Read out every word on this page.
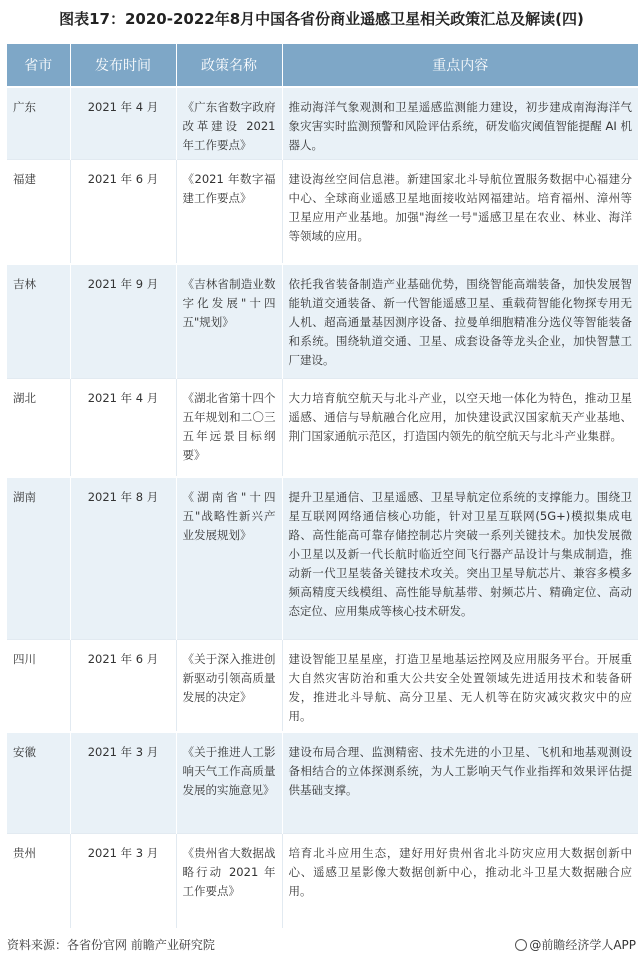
图表17：2020-2022年8月中国各省份商业遥感卫星相关政策汇总及解读(四)
省市	发布时间	政策名称	重点内容
广东	2021 年 4 月	《广东省数字政府改革建设 2021 年工作要点》	推动海洋气象观测和卫星遥感监测能力建设，初步建成南海海洋气象灾害实时监测预警和风险评估系统，研发临灾阈值智能提醒 AI 机器人。
福建	2021 年 6 月	《2021 年数字福建工作要点》	建设海丝空间信息港。新建国家北斗导航位置服务数据中心福建分中心、全球商业遥感卫星地面接收站网福建站。培育福州、漳州等卫星应用产业基地。加强"海丝一号"遥感卫星在农业、林业、海洋等领域的应用。
吉林	2021 年 9 月	《吉林省制造业数字化发展"十四五"规划》	依托我省装备制造产业基础优势，围绕智能高端装备，加快发展智能轨道交通装备、新一代智能遥感卫星、重载荷智能化物探专用无人机、超高通量基因测序设备、拉曼单细胞精准分选仪等智能装备和系统。围绕轨道交通、卫星、成套设备等龙头企业，加快智慧工厂建设。
湖北	2021 年 4 月	《湖北省第十四个五年规划和二〇三五年远景目标纲要》	大力培育航空航天与北斗产业，以空天地一体化为特色，推动卫星遥感、通信与导航融合化应用，加快建设武汉国家航天产业基地、荆门国家通航示范区，打造国内领先的航空航天与北斗产业集群。
湖南	2021 年 8 月	《湖南省"十四五"战略性新兴产业发展规划》	提升卫星通信、卫星遥感、卫星导航定位系统的支撑能力。围绕卫星互联网网络通信核心功能，针对卫星互联网(5G+)模拟集成电路、高性能高可靠存储控制芯片突破一系列关键技术。加快发展微小卫星以及新一代长航时临近空间飞行器产品设计与集成制造，推动新一代卫星装备关键技术攻关。突出卫星导航芯片、兼容多模多频高精度天线模组、高性能导航基带、射频芯片、精确定位、高动态定位、应用集成等核心技术研发。
四川	2021 年 6 月	《关于深入推进创新驱动引领高质量发展的决定》	建设智能卫星星座，打造卫星地基运控网及应用服务平台。开展重大自然灾害防治和重大公共安全处置领域先进适用技术和装备研发，推进北斗导航、高分卫星、无人机等在防灾减灾救灾中的应用。
安徽	2021 年 3 月	《关于推进人工影响天气工作高质量发展的实施意见》	建设布局合理、监测精密、技术先进的小卫星、飞机和地基观测设备相结合的立体探测系统，为人工影响天气作业指挥和效果评估提供基础支撑。
贵州	2021 年 3 月	《贵州省大数据战略行动 2021 年工作要点》	培育北斗应用生态，建好用好贵州省北斗防灾应用大数据创新中心、遥感卫星影像大数据创新中心，推动北斗卫星大数据融合应用。
资料来源：各省份官网 前瞻产业研究院	@前瞻经济学人APP
